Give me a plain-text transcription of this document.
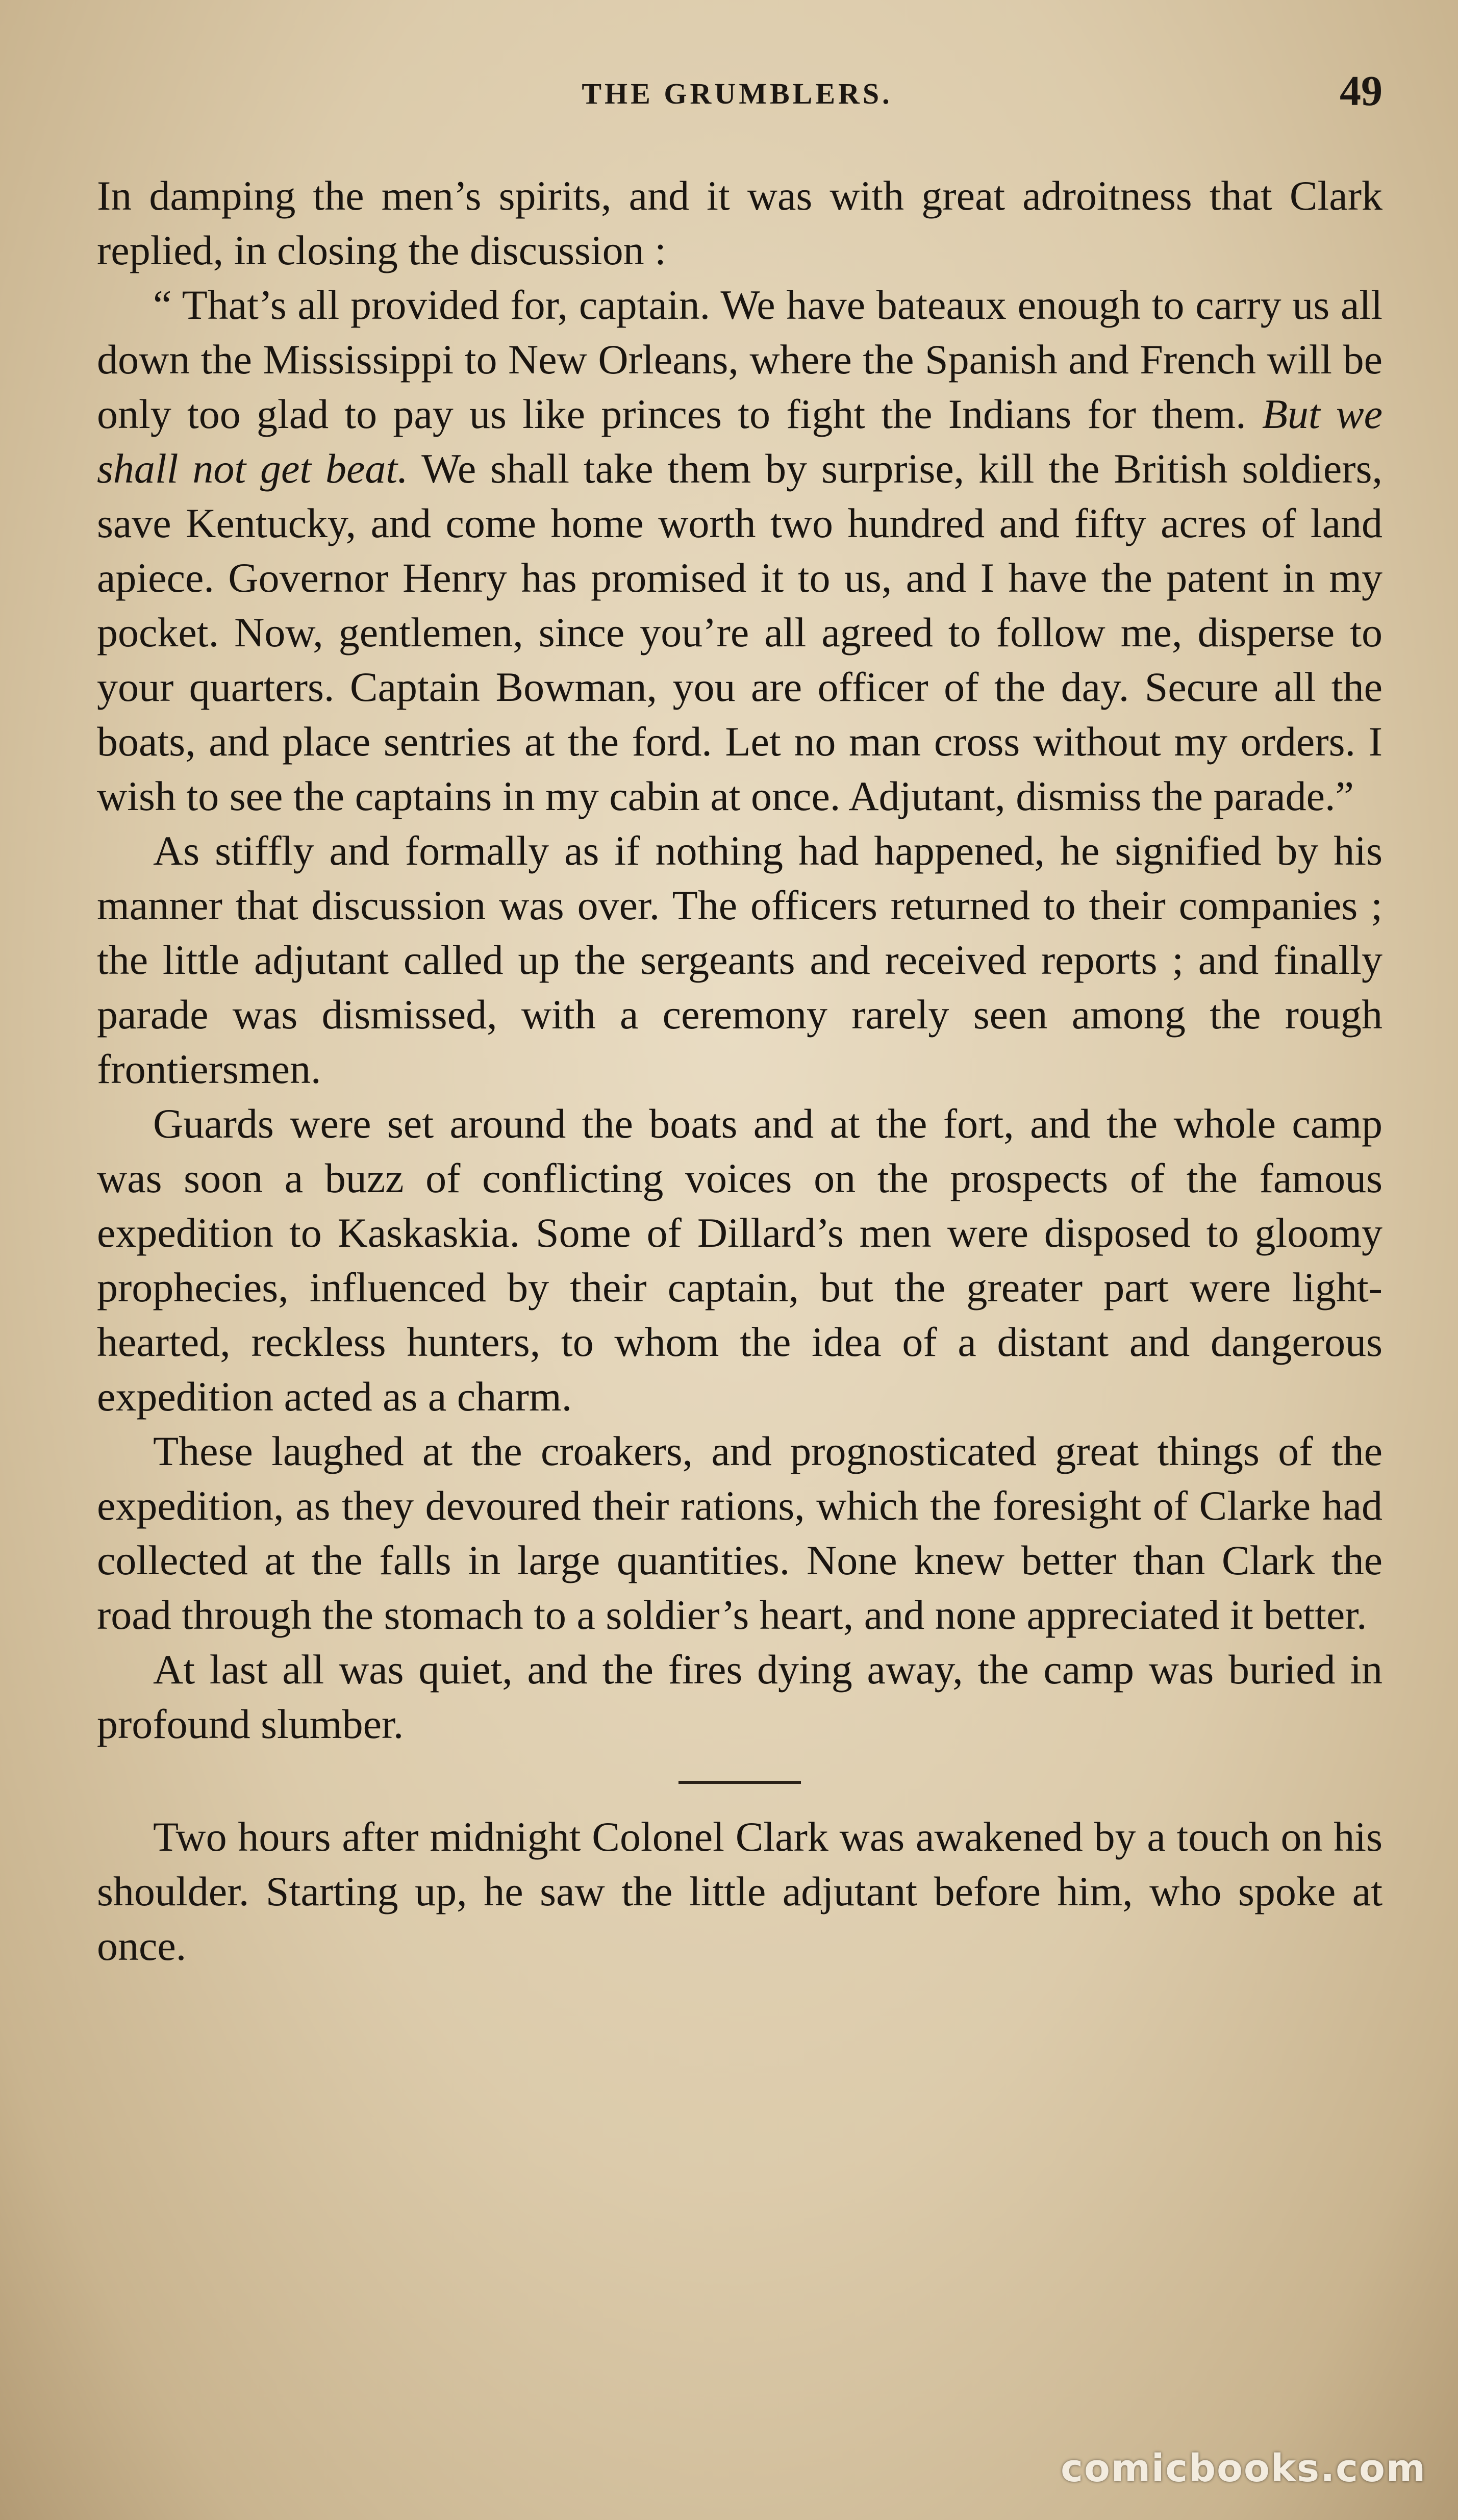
THE GRUMBLERS.	49

In damping the men’s spirits, and it was with great adroitness that Clark replied, in closing the discussion :

“ That’s all provided for, captain. We have bateaux enough to carry us all down the Mississippi to New Orleans, where the Spanish and French will be only too glad to pay us like princes to fight the Indians for them. But we shall not get beat. We shall take them by surprise, kill the British soldiers, save Kentucky, and come home worth two hundred and fifty acres of land apiece. Governor Henry has promised it to us, and I have the patent in my pocket. Now, gentlemen, since you’re all agreed to follow me, disperse to your quarters. Captain Bowman, you are officer of the day. Secure all the boats, and place sentries at the ford. Let no man cross without my orders. I wish to see the captains in my cabin at once. Adjutant, dismiss the parade.”

As stiffly and formally as if nothing had happened, he signified by his manner that discussion was over. The officers returned to their companies ; the little adjutant called up the sergeants and received reports ; and finally parade was dismissed, with a ceremony rarely seen among the rough frontiersmen.

Guards were set around the boats and at the fort, and the whole camp was soon a buzz of conflicting voices on the prospects of the famous expedition to Kaskaskia. Some of Dillard’s men were disposed to gloomy prophecies, influenced by their captain, but the greater part were light-hearted, reckless hunters, to whom the idea of a distant and dangerous expedition acted as a charm.

These laughed at the croakers, and prognosticated great things of the expedition, as they devoured their rations, which the foresight of Clarke had collected at the falls in large quantities. None knew better than Clark the road through the stomach to a soldier’s heart, and none appreciated it better.

At last all was quiet, and the fires dying away, the camp was buried in profound slumber.

Two hours after midnight Colonel Clark was awakened by a touch on his shoulder. Starting up, he saw the little adjutant before him, who spoke at once.

comicbooks.com
